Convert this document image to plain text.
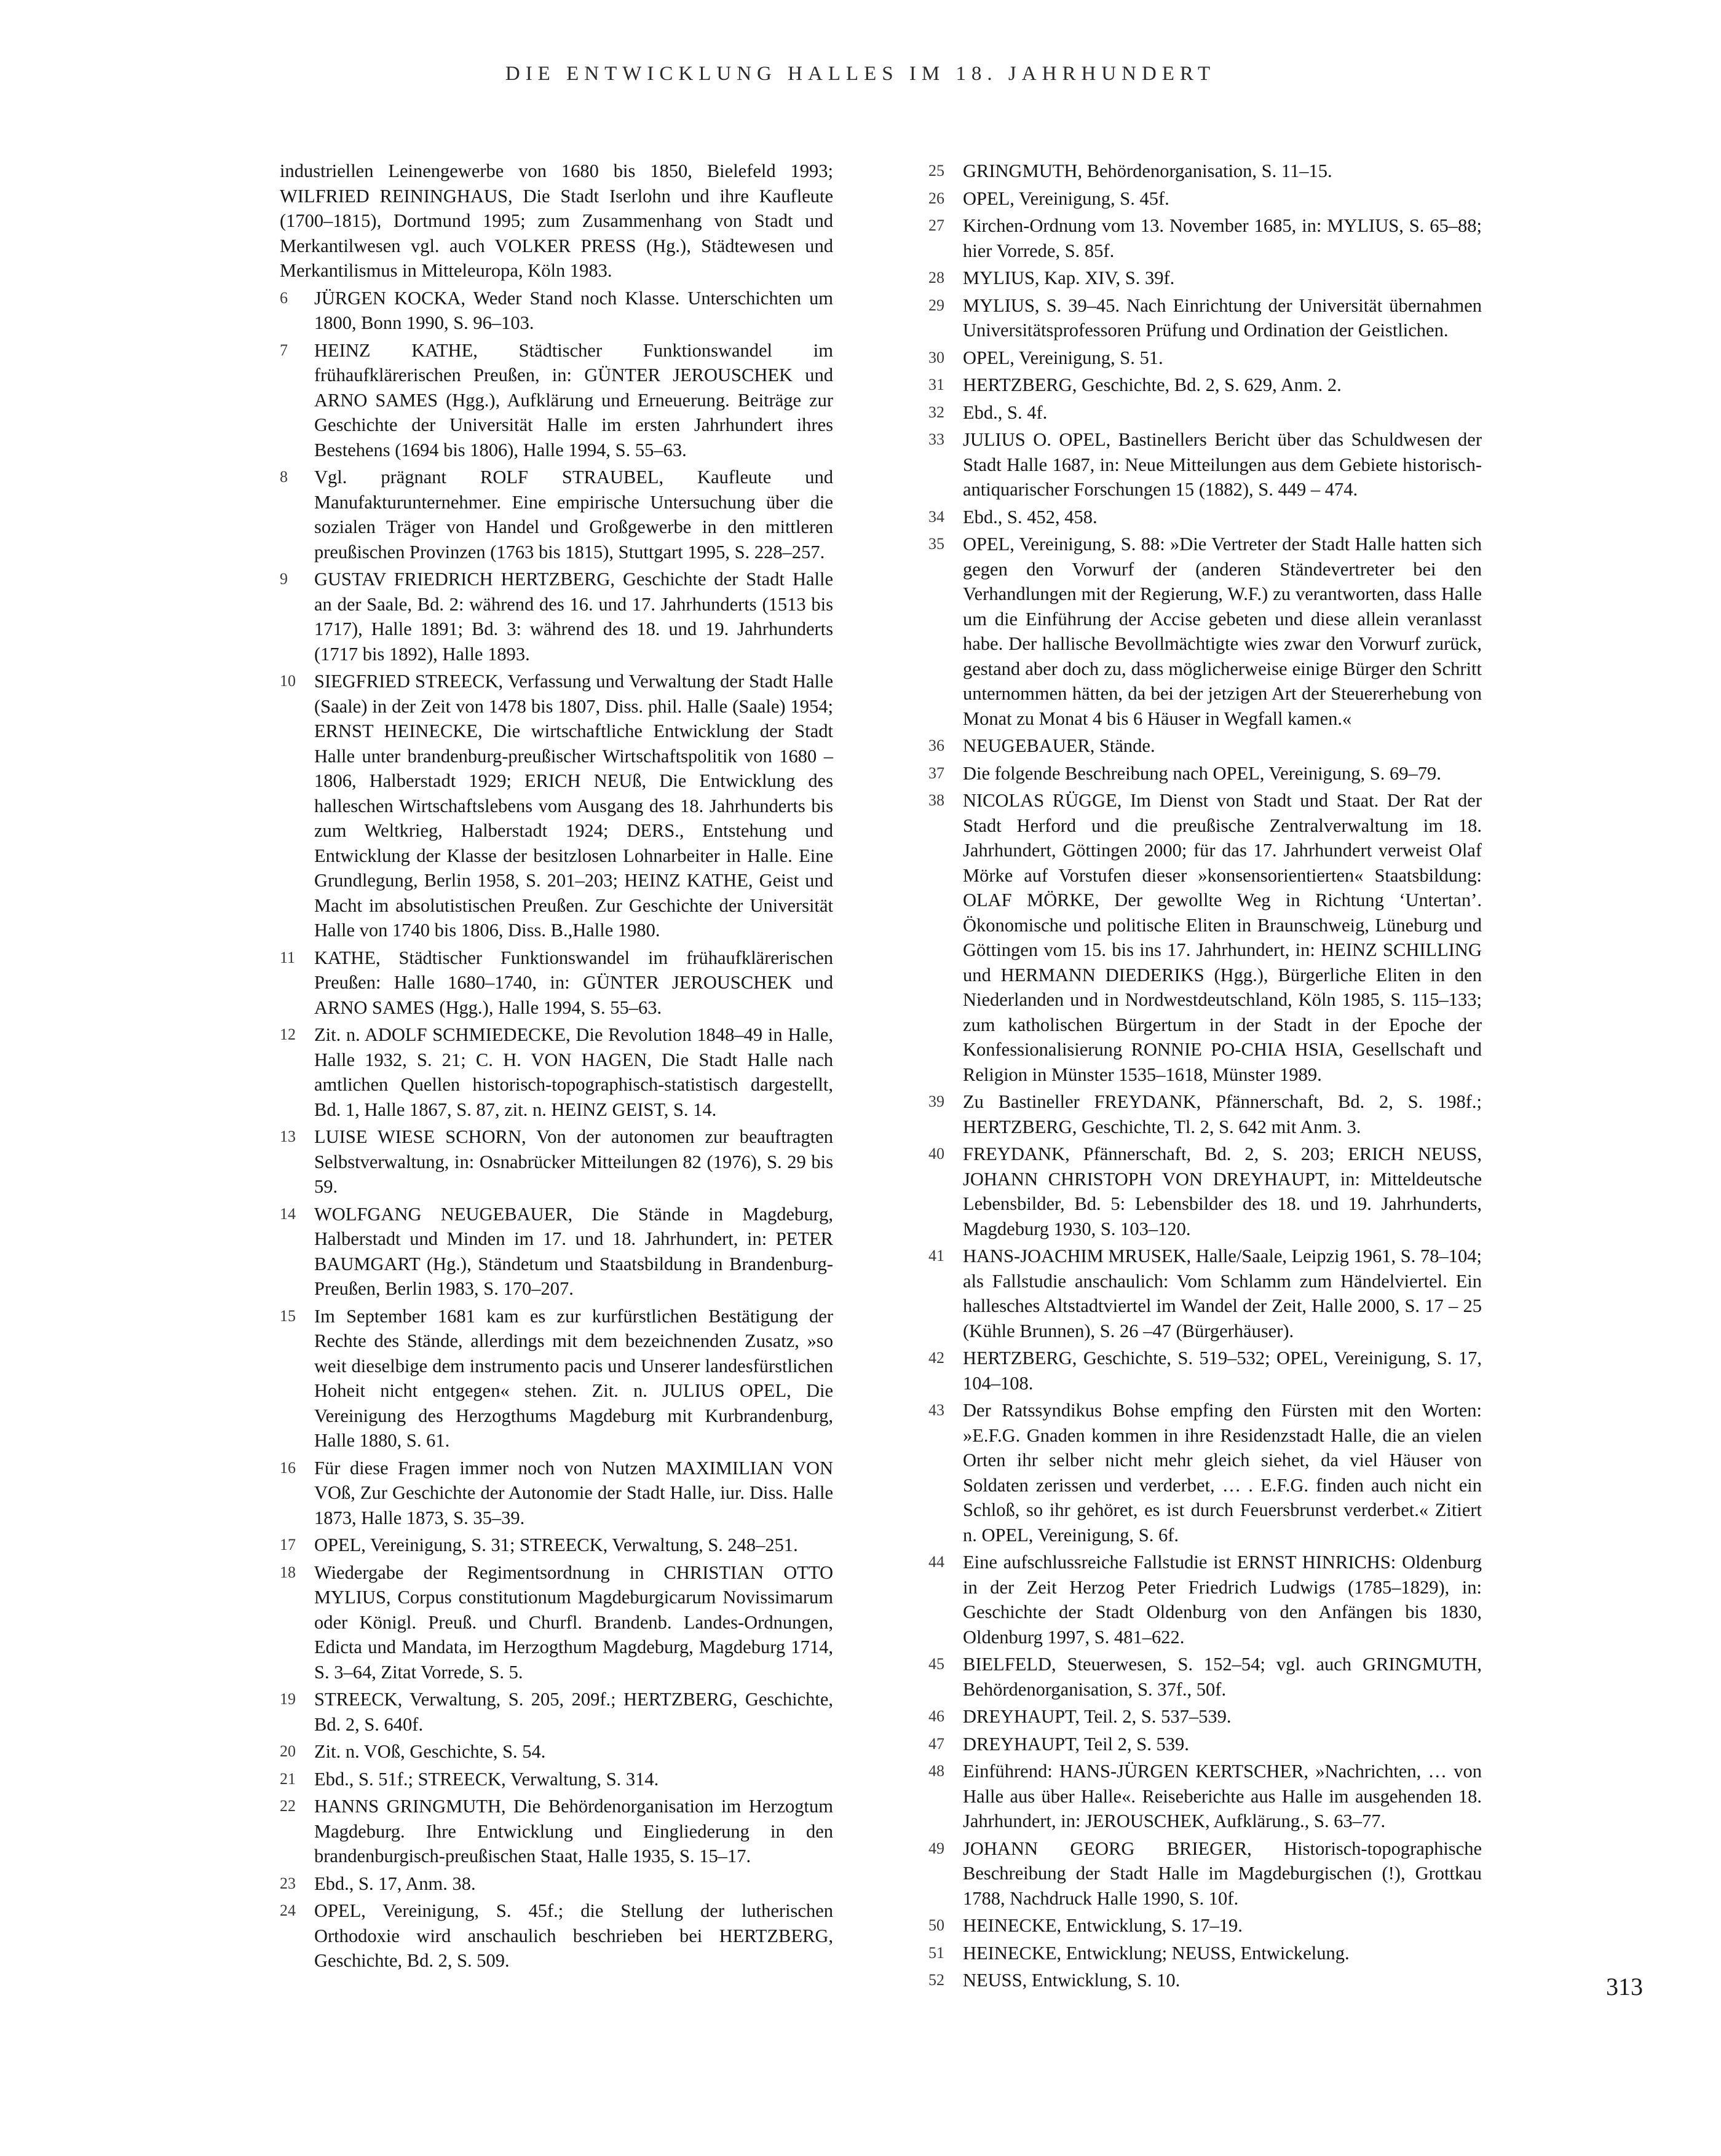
DIE ENTWICKLUNG HALLES IM 18. JAHRHUNDERT
industriellen Leinengewerbe von 1680 bis 1850, Bielefeld 1993; WILFRIED REININGHAUS, Die Stadt Iserlohn und ihre Kaufleute (1700–1815), Dortmund 1995; zum Zusammenhang von Stadt und Merkantilwesen vgl. auch VOLKER PRESS (Hg.), Städtewesen und Merkantilismus in Mitteleuropa, Köln 1983.
6	JÜRGEN KOCKA, Weder Stand noch Klasse. Unterschichten um 1800, Bonn 1990, S. 96–103.
7	HEINZ KATHE, Städtischer Funktionswandel im frühaufklärerischen Preußen, in: GÜNTER JEROUSCHEK und ARNO SAMES (Hgg.), Aufklärung und Erneuerung. Beiträge zur Geschichte der Universität Halle im ersten Jahrhundert ihres Bestehens (1694 bis 1806), Halle 1994, S. 55–63.
8	Vgl. prägnant ROLF STRAUBEL, Kaufleute und Manufakturunternehmer. Eine empirische Untersuchung über die sozialen Träger von Handel und Großgewerbe in den mittleren preußischen Provinzen (1763 bis 1815), Stuttgart 1995, S. 228–257.
9	GUSTAV FRIEDRICH HERTZBERG, Geschichte der Stadt Halle an der Saale, Bd. 2: während des 16. und 17. Jahrhunderts (1513 bis 1717), Halle 1891; Bd. 3: während des 18. und 19. Jahrhunderts (1717 bis 1892), Halle 1893.
10 SIEGFRIED STREECK, Verfassung und Verwaltung der Stadt Halle (Saale) in der Zeit von 1478 bis 1807, Diss. phil. Halle (Saale) 1954; ERNST HEINECKE, Die wirtschaftliche Entwicklung der Stadt Halle unter brandenburg-preußischer Wirtschaftspolitik von 1680 –1806, Halberstadt 1929; ERICH NEUß, Die Entwicklung des halleschen Wirtschaftslebens vom Ausgang des 18. Jahrhunderts bis zum Weltkrieg, Halberstadt 1924; DERS., Entstehung und Entwicklung der Klasse der besitzlosen Lohnarbeiter in Halle. Eine Grundlegung, Berlin 1958, S. 201–203; HEINZ KATHE, Geist und Macht im absolutistischen Preußen. Zur Geschichte der Universität Halle von 1740 bis 1806, Diss. B.,Halle 1980.
11	KATHE, Städtischer Funktionswandel im frühaufklärerischen Preußen: Halle 1680–1740, in: GÜNTER JEROUSCHEK und ARNO SAMES (Hgg.), Halle 1994, S. 55–63.
12 Zit. n. ADOLF SCHMIEDECKE, Die Revolution 1848–49 in Halle, Halle 1932, S. 21; C. H. VON HAGEN, Die Stadt Halle nach amtlichen Quellen historisch-topographisch-statistisch dargestellt, Bd. 1, Halle 1867, S. 87, zit. n. HEINZ GEIST, S. 14.
13 LUISE WIESE SCHORN, Von der autonomen zur beauftragten Selbstverwaltung, in: Osnabrücker Mitteilungen 82 (1976), S. 29 bis 59.
14 WOLFGANG NEUGEBAUER, Die Stände in Magdeburg, Halberstadt und Minden im 17. und 18. Jahrhundert, in: PETER BAUMGART (Hg.), Ständetum und Staatsbildung in Brandenburg-Preußen, Berlin 1983, S. 170–207.
15 Im September 1681 kam es zur kurfürstlichen Bestätigung der Rechte des Stände, allerdings mit dem bezeichnenden Zusatz, »so weit dieselbige dem instrumento pacis und Unserer landesfürstlichen Hoheit nicht entgegen« stehen. Zit. n. JULIUS OPEL, Die Vereinigung des Herzogthums Magdeburg mit Kurbrandenburg, Halle 1880, S. 61.
16 Für diese Fragen immer noch von Nutzen MAXIMILIAN VON VOß, Zur Geschichte der Autonomie der Stadt Halle, iur. Diss. Halle 1873, Halle 1873, S. 35–39.
17 OPEL, Vereinigung, S. 31; STREECK, Verwaltung, S. 248–251.
18 Wiedergabe der Regimentsordnung in CHRISTIAN OTTO MYLIUS, Corpus constitutionum Magdeburgicarum Novissimarum oder Königl. Preuß. und Churfl. Brandenb. Landes-Ordnungen, Edicta und Mandata, im Herzogthum Magdeburg, Magdeburg 1714, S. 3–64, Zitat Vorrede, S. 5.
19 STREECK, Verwaltung, S. 205, 209f.; HERTZBERG, Geschichte, Bd. 2, S. 640f.
20 Zit. n. VOß, Geschichte, S. 54.
21 Ebd., S. 51f.; STREECK, Verwaltung, S. 314.
22 HANNS GRINGMUTH, Die Behördenorganisation im Herzogtum Magdeburg. Ihre Entwicklung und Eingliederung in den brandenburgisch-preußischen Staat, Halle 1935, S. 15–17.
23 Ebd., S. 17, Anm. 38.
24 OPEL, Vereinigung, S. 45f.; die Stellung der lutherischen Orthodoxie wird anschaulich beschrieben bei HERTZBERG, Geschichte, Bd. 2, S. 509.
25 GRINGMUTH, Behördenorganisation, S. 11–15.
26 OPEL, Vereinigung, S. 45f.
27 Kirchen-Ordnung vom 13. November 1685, in: MYLIUS, S. 65–88; hier Vorrede, S. 85f.
28 MYLIUS, Kap. XIV, S. 39f.
29 MYLIUS, S. 39–45. Nach Einrichtung der Universität übernahmen Universitätsprofessoren Prüfung und Ordination der Geistlichen.
30 OPEL, Vereinigung, S. 51.
31 HERTZBERG, Geschichte, Bd. 2, S. 629, Anm. 2.
32 Ebd., S. 4f.
33 JULIUS O. OPEL, Bastinellers Bericht über das Schuldwesen der Stadt Halle 1687, in: Neue Mitteilungen aus dem Gebiete historisch-antiquarischer Forschungen 15 (1882), S. 449 – 474.
34 Ebd., S. 452, 458.
35 OPEL, Vereinigung, S. 88: »Die Vertreter der Stadt Halle hatten sich gegen den Vorwurf der (anderen Ständevertreter bei den Verhandlungen mit der Regierung, W.F.) zu verantworten, dass Halle um die Einführung der Accise gebeten und diese allein veranlasst habe. Der hallische Bevollmächtigte wies zwar den Vorwurf zurück, gestand aber doch zu, dass möglicherweise einige Bürger den Schritt unternommen hätten, da bei der jetzigen Art der Steuererhebung von Monat zu Monat 4 bis 6 Häuser in Wegfall kamen.«
36 NEUGEBAUER, Stände.
37 Die folgende Beschreibung nach OPEL, Vereinigung, S. 69–79.
38 NICOLAS RÜGGE, Im Dienst von Stadt und Staat. Der Rat der Stadt Herford und die preußische Zentralverwaltung im 18. Jahrhundert, Göttingen 2000; für das 17. Jahrhundert verweist Olaf Mörke auf Vorstufen dieser »konsensorientierten« Staatsbildung: OLAF MÖRKE, Der gewollte Weg in Richtung ‘Untertan’. Ökonomische und politische Eliten in Braunschweig, Lüneburg und Göttingen vom 15. bis ins 17. Jahrhundert, in: HEINZ SCHILLING und HERMANN DIEDERIKS (Hgg.), Bürgerliche Eliten in den Niederlanden und in Nordwestdeutschland, Köln 1985, S. 115–133; zum katholischen Bürgertum in der Stadt in der Epoche der Konfessionalisierung RONNIE PO-CHIA HSIA, Gesellschaft und Religion in Münster 1535–1618, Münster 1989.
39 Zu Bastineller FREYDANK, Pfännerschaft, Bd. 2, S. 198f.; HERTZBERG, Geschichte, Tl. 2, S. 642 mit Anm. 3.
40 FREYDANK, Pfännerschaft, Bd. 2, S. 203; ERICH NEUSS, JOHANN CHRISTOPH VON DREYHAUPT, in: Mitteldeutsche Lebensbilder, Bd. 5: Lebensbilder des 18. und 19. Jahrhunderts, Magdeburg 1930, S. 103–120.
41 HANS-JOACHIM MRUSEK, Halle/Saale, Leipzig 1961, S. 78–104; als Fallstudie anschaulich: Vom Schlamm zum Händelviertel. Ein hallesches Altstadtviertel im Wandel der Zeit, Halle 2000, S. 17 – 25 (Kühle Brunnen), S. 26 –47 (Bürgerhäuser).
42 HERTZBERG, Geschichte, S. 519–532; OPEL, Vereinigung, S. 17, 104–108.
43 Der Ratssyndikus Bohse empfing den Fürsten mit den Worten: »E.F.G. Gnaden kommen in ihre Residenzstadt Halle, die an vielen Orten ihr selber nicht mehr gleich siehet, da viel Häuser von Soldaten zerissen und verderbet, … . E.F.G. finden auch nicht ein Schloß, so ihr gehöret, es ist durch Feuersbrunst verderbet.« Zitiert n. OPEL, Vereinigung, S. 6f.
44 Eine aufschlussreiche Fallstudie ist ERNST HINRICHS: Oldenburg in der Zeit Herzog Peter Friedrich Ludwigs (1785–1829), in: Geschichte der Stadt Oldenburg von den Anfängen bis 1830, Oldenburg 1997, S. 481–622.
45 BIELFELD, Steuerwesen, S. 152–54; vgl. auch GRINGMUTH, Behördenorganisation, S. 37f., 50f.
46 DREYHAUPT, Teil. 2, S. 537–539.
47 DREYHAUPT, Teil 2, S. 539.
48 Einführend: HANS-JÜRGEN KERTSCHER, »Nachrichten, … von Halle aus über Halle«. Reiseberichte aus Halle im ausgehenden 18. Jahrhundert, in: JEROUSCHEK, Aufklärung., S. 63–77.
49 JOHANN GEORG BRIEGER, Historisch-topographische Beschreibung der Stadt Halle im Magdeburgischen (!), Grottkau 1788, Nachdruck Halle 1990, S. 10f.
50 HEINECKE, Entwicklung, S. 17–19.
51 HEINECKE, Entwicklung; NEUSS, Entwickelung.
52 NEUSS, Entwicklung, S. 10.	313
